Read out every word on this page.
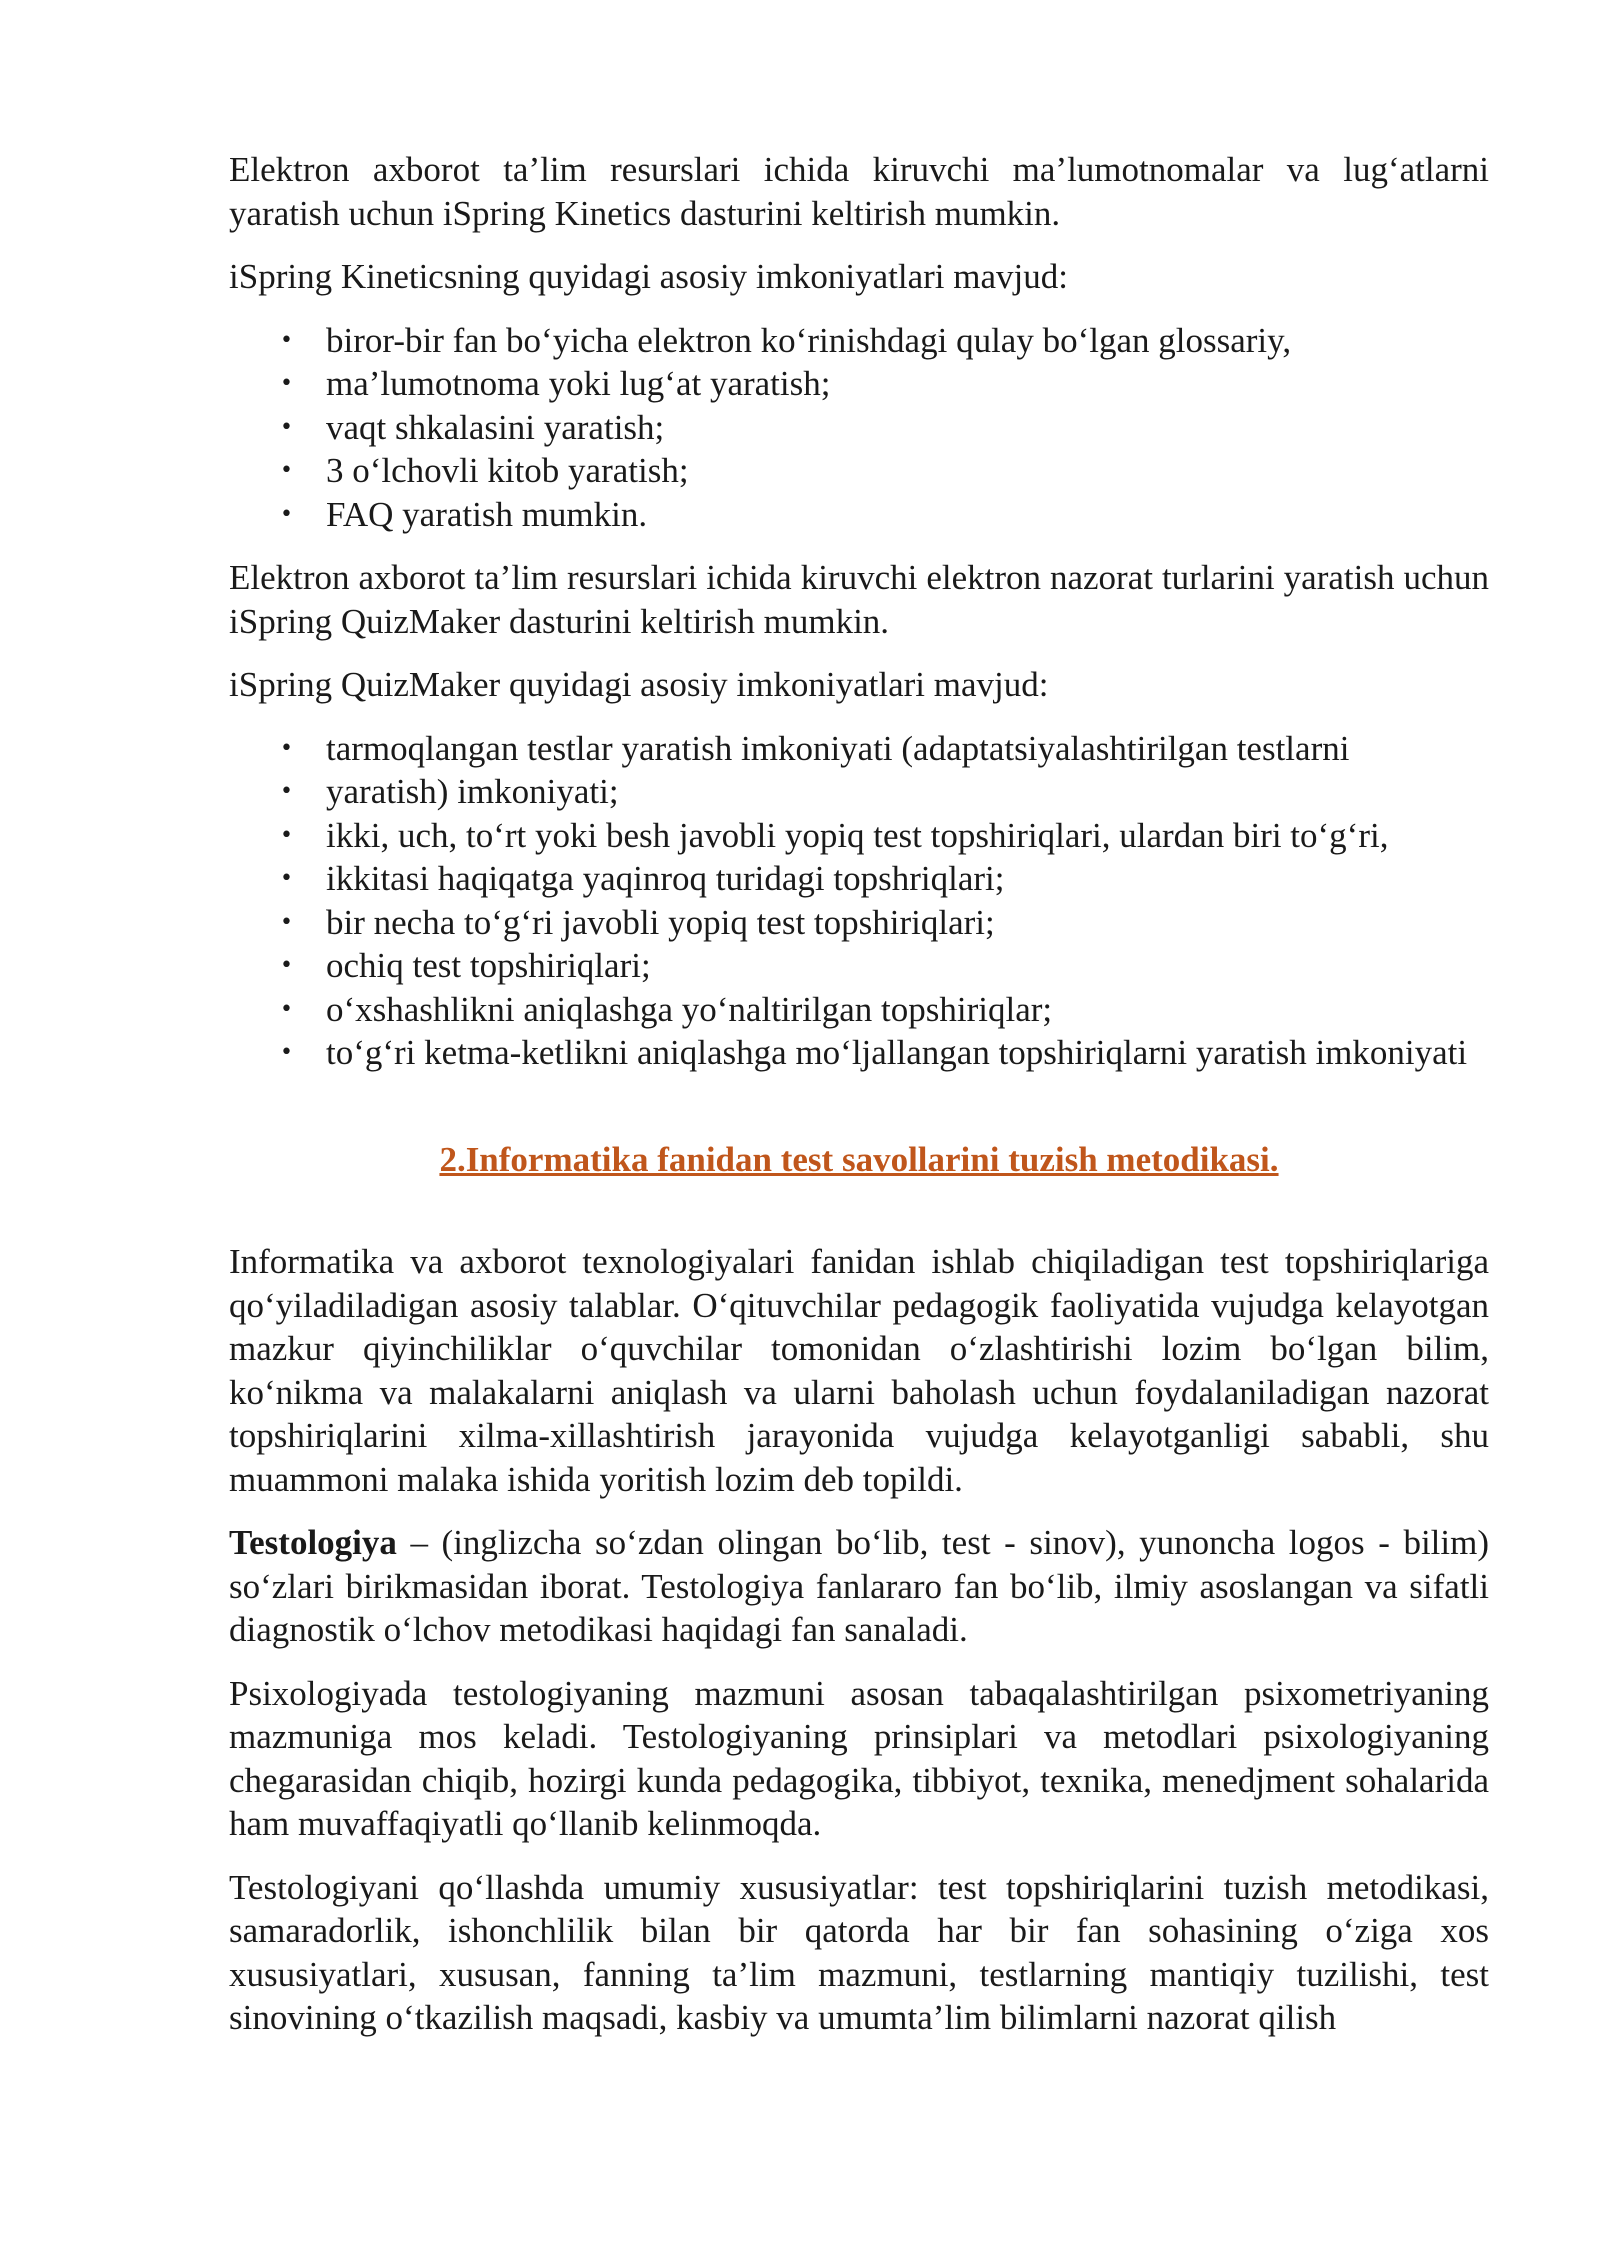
Elektron axborot ta’lim resurslari ichida kiruvchi ma’lumotnomalar va lug‘atlarni yaratish uchun iSpring Kinetics dasturini keltirish mumkin.

iSpring Kineticsning quyidagi asosiy imkoniyatlari mavjud:

• biror-bir fan bo‘yicha elektron ko‘rinishdagi qulay bo‘lgan glossariy,
• ma’lumotnoma yoki lug‘at yaratish;
• vaqt shkalasini yaratish;
• 3 o‘lchovli kitob yaratish;
• FAQ yaratish mumkin.

Elektron axborot ta’lim resurslari ichida kiruvchi elektron nazorat turlarini yaratish uchun iSpring QuizMaker dasturini keltirish mumkin.

iSpring QuizMaker quyidagi asosiy imkoniyatlari mavjud:

• tarmoqlangan testlar yaratish imkoniyati (adaptatsiyalashtirilgan testlarni
• yaratish) imkoniyati;
• ikki, uch, to‘rt yoki besh javobli yopiq test topshiriqlari, ulardan biri to‘g‘ri,
• ikkitasi haqiqatga yaqinroq turidagi topshriqlari;
• bir necha to‘g‘ri javobli yopiq test topshiriqlari;
• ochiq test topshiriqlari;
• o‘xshashlikni aniqlashga yo‘naltirilgan topshiriqlar;
• to‘g‘ri ketma-ketlikni aniqlashga mo‘ljallangan topshiriqlarni yaratish imkoniyati
2.Informatika fanidan test savollarini tuzish metodikasi.

Informatika va axborot texnologiyalari fanidan ishlab chiqiladigan test topshiriqlariga qo‘yiladiladigan asosiy talablar. O‘qituvchilar pedagogik faoliyatida vujudga kelayotgan mazkur qiyinchiliklar o‘quvchilar tomonidan o‘zlashtirishi lozim bo‘lgan bilim, ko‘nikma va malakalarni aniqlash va ularni baholash uchun foydalaniladigan nazorat topshiriqlarini xilma-xillashtirish jarayonida vujudga kelayotganligi sababli, shu muammoni malaka ishida yoritish lozim deb topildi.

Testologiya – (inglizcha so‘zdan olingan bo‘lib, test - sinov), yunoncha logos - bilim) so‘zlari birikmasidan iborat. Testologiya fanlararo fan bo‘lib, ilmiy asoslangan va sifatli diagnostik o‘lchov metodikasi haqidagi fan sanaladi.

Psixologiyada testologiyaning mazmuni asosan tabaqalashtirilgan psixometriyaning mazmuniga mos keladi. Testologiyaning prinsiplari va metodlari psixologiyaning chegarasidan chiqib, hozirgi kunda pedagogika, tibbiyot, texnika, menedjment sohalarida ham muvaffaqiyatli qo‘llanib kelinmoqda.

Testologiyani qo‘llashda umumiy xususiyatlar: test topshiriqlarini tuzish metodikasi, samaradorlik, ishonchlilik bilan bir qatorda har bir fan sohasining o‘ziga xos xususiyatlari, xususan, fanning ta’lim mazmuni, testlarning mantiqiy tuzilishi, test sinovining o‘tkazilish maqsadi, kasbiy va umumta’lim bilimlarni nazorat qilish
